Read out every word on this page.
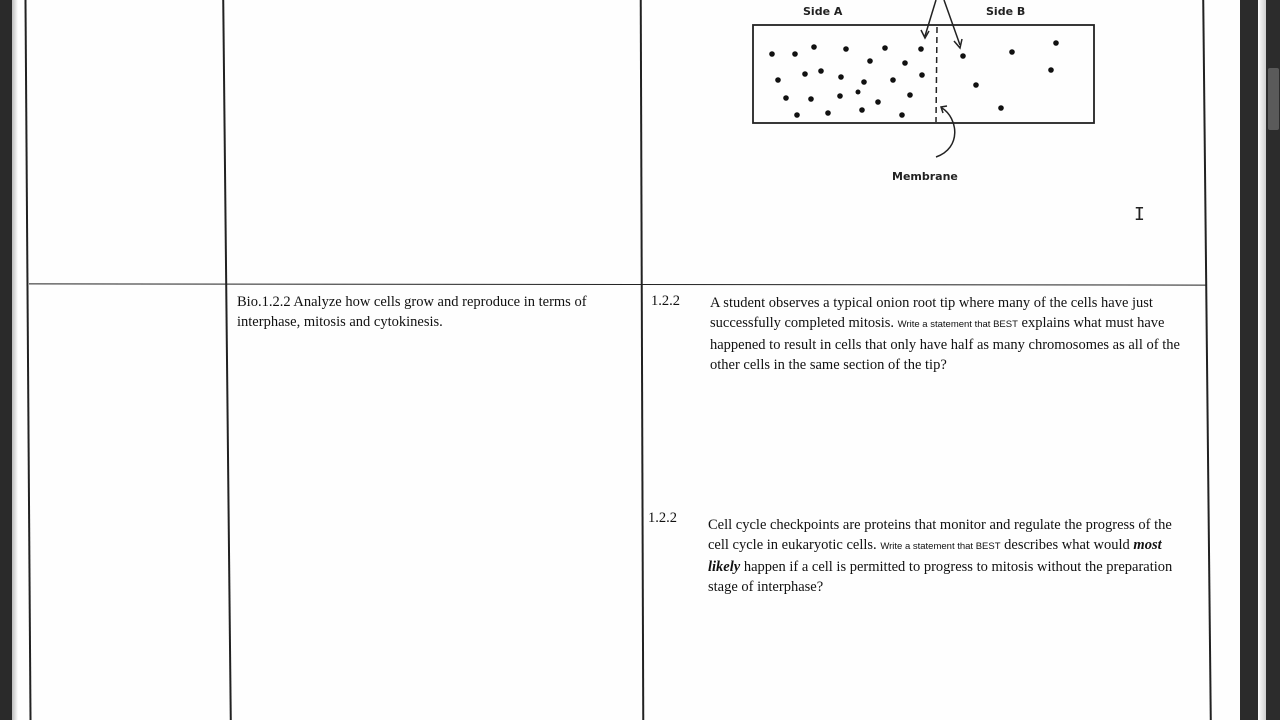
Side A	Side B
Membrane
I
Bio.1.2.2 Analyze how cells grow and reproduce in terms of interphase, mitosis and cytokinesis.
1.2.2 A student observes a typical onion root tip where many of the cells have just successfully completed mitosis. Write a statement that BEST explains what must have happened to result in cells that only have half as many chromosomes as all of the other cells in the same section of the tip?
1.2.2 Cell cycle checkpoints are proteins that monitor and regulate the progress of the cell cycle in eukaryotic cells. Write a statement that BEST describes what would most likely happen if a cell is permitted to progress to mitosis without the preparation stage of interphase?
